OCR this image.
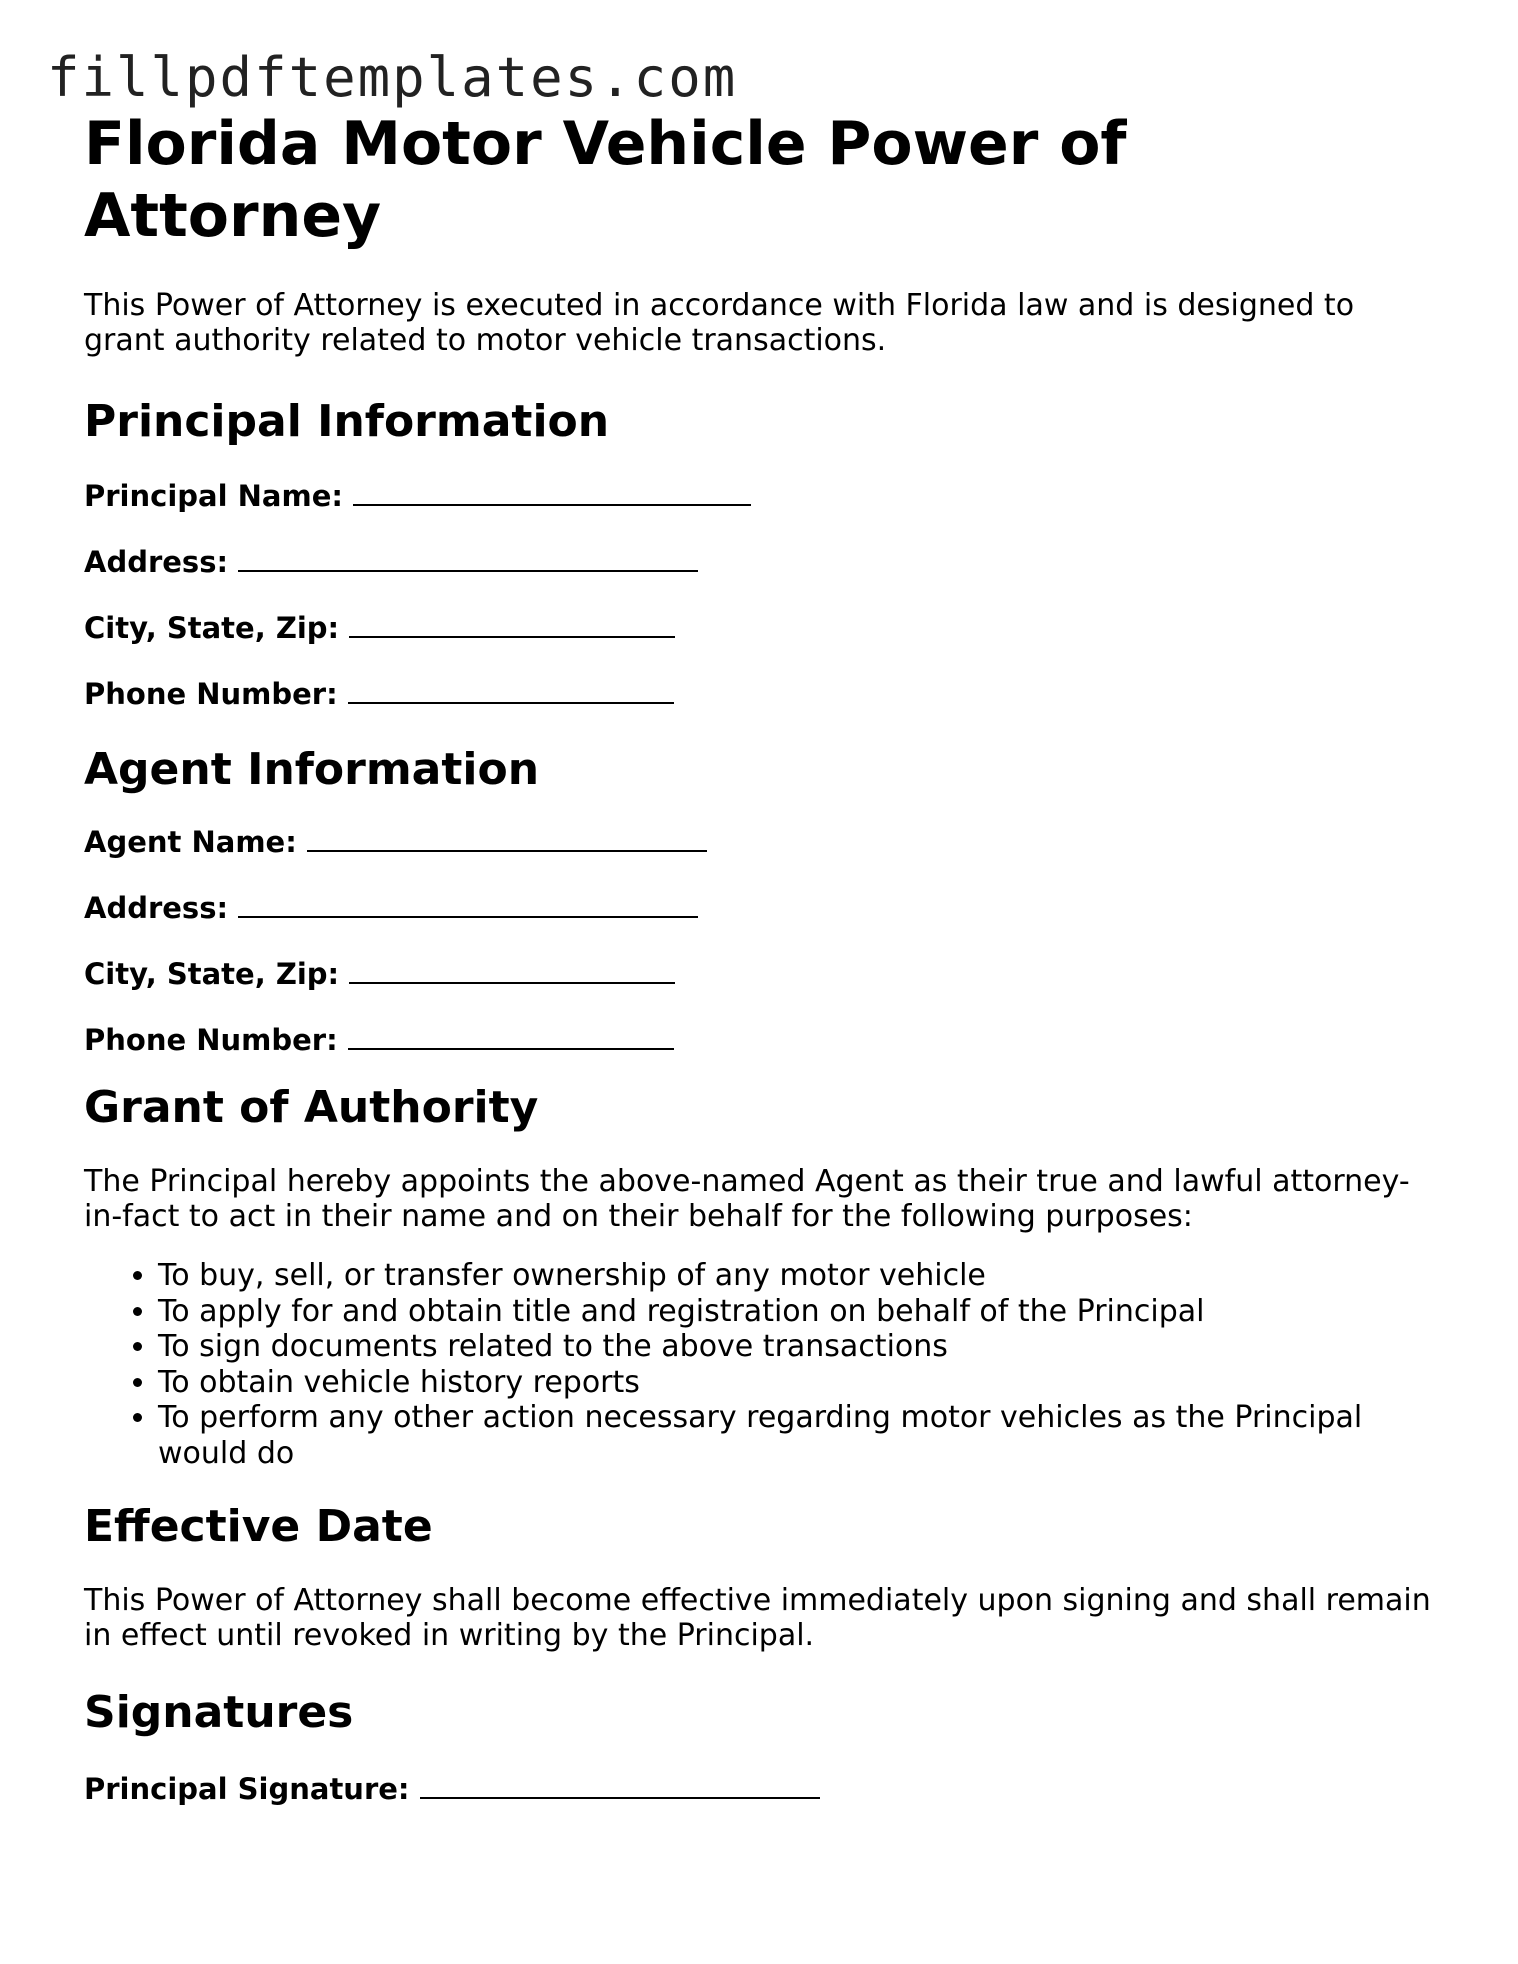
fillpdftemplates.com
Florida Motor Vehicle Power of Attorney

This Power of Attorney is executed in accordance with Florida law and is designed to grant authority related to motor vehicle transactions.

Principal Information
Principal Name:
Address:
City, State, Zip:
Phone Number:
Agent Information
Agent Name:
Address:
City, State, Zip:
Phone Number:
Grant of Authority

The Principal hereby appoints the above-named Agent as their true and lawful attorney-in-fact to act in their name and on their behalf for the following purposes:

• To buy, sell, or transfer ownership of any motor vehicle
• To apply for and obtain title and registration on behalf of the Principal
• To sign documents related to the above transactions
• To obtain vehicle history reports
• To perform any other action necessary regarding motor vehicles as the Principal would do
Effective Date

This Power of Attorney shall become effective immediately upon signing and shall remain in effect until revoked in writing by the Principal.

Signatures
Principal Signature:
